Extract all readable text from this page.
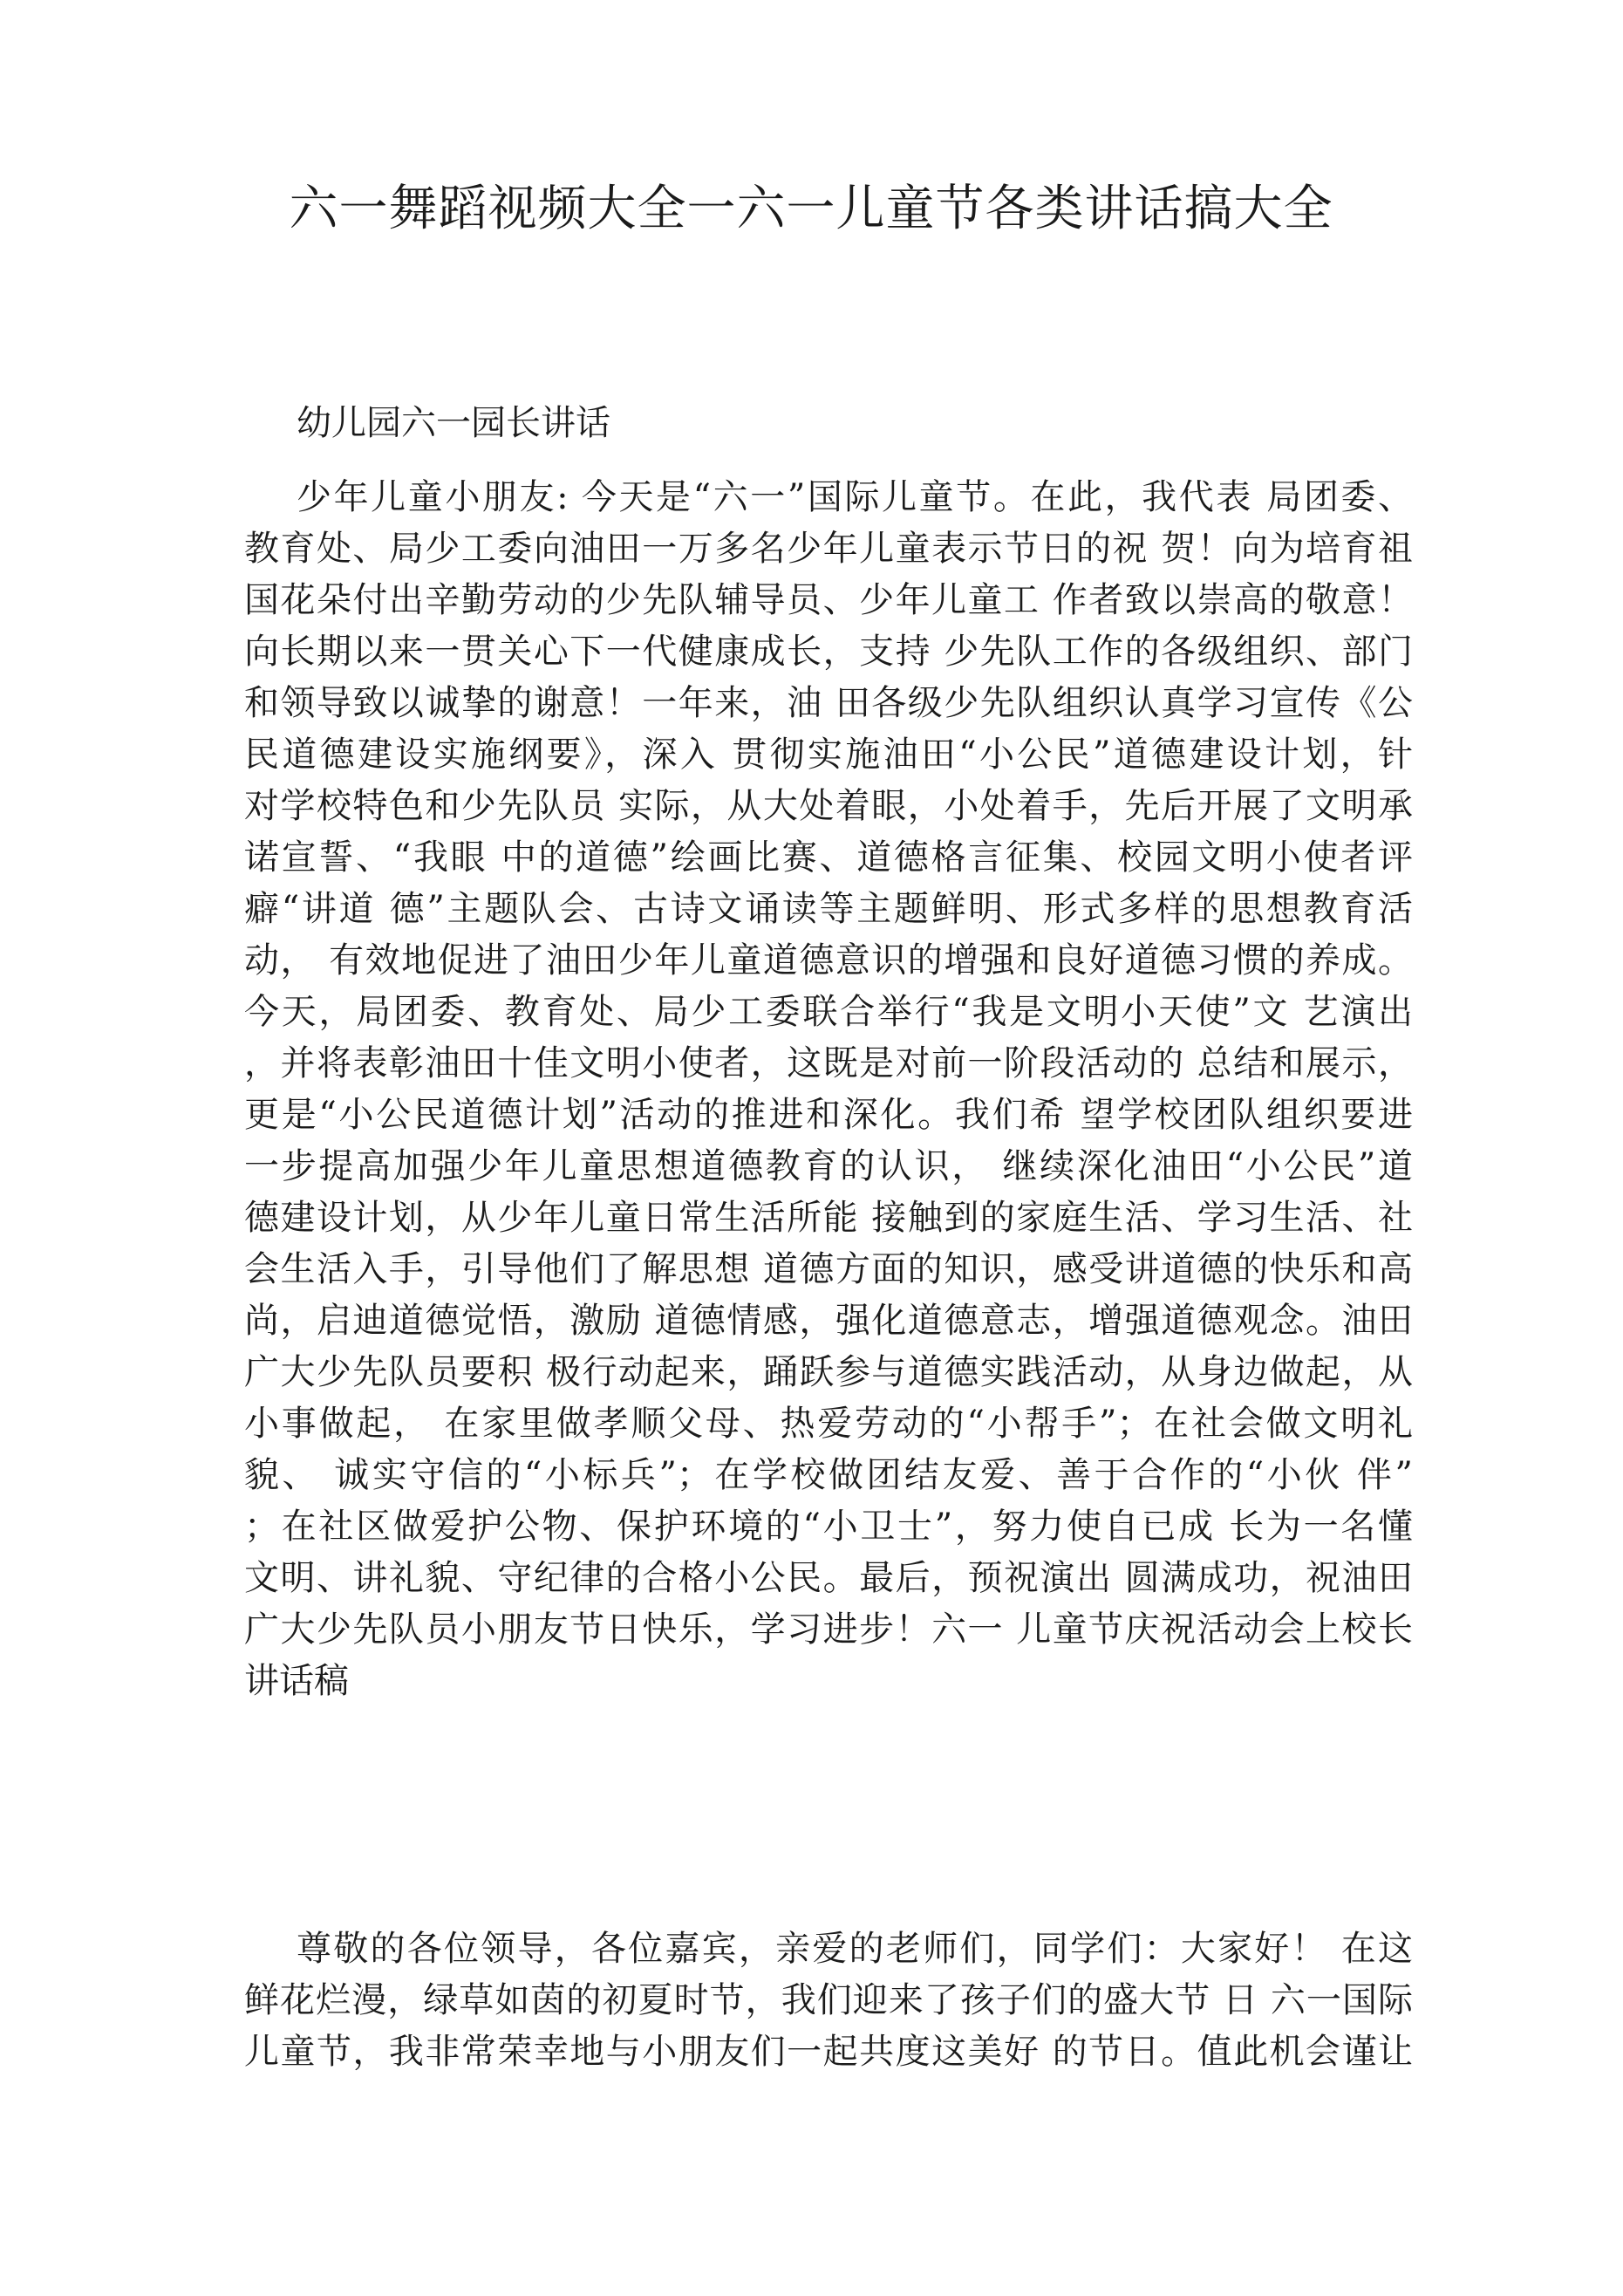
六一舞蹈视频大全一六一儿童节各类讲话搞大全

幼儿园六一园长讲话

少年儿童小朋友: 今天是“六一”国际儿童节。在此，我代表 局团委、
教育处、局少工委向油田一万多名少年儿童表示节日的祝 贺！向为培育祖
国花朵付出辛勤劳动的少先队辅导员、少年儿童工 作者致以崇高的敬意！
向长期以来一贯关心下一代健康成长，支持 少先队工作的各级组织、部门
和领导致以诚挚的谢意！一年来，油 田各级少先队组织认真学习宣传《公
民道德建设实施纲要》，深入 贯彻实施油田“小公民”道德建设计划，针
对学校特色和少先队员 实际，从大处着眼，小处着手，先后开展了文明承
诺宣誓、“我眼 中的道德”绘画比赛、道德格言征集、校园文明小使者评
癖“讲道 德”主题队会、古诗文诵读等主题鲜明、形式多样的思想教育活
动， 有效地促进了油田少年儿童道德意识的增强和良好道德习惯的养成。
今天，局团委、教育处、局少工委联合举行“我是文明小天使”文 艺演出
，并将表彰油田十佳文明小使者，这既是对前一阶段活动的 总结和展示，
更是“小公民道德计划”活动的推进和深化。我们希 望学校团队组织要进
一步提高加强少年儿童思想道德教育的认识， 继续深化油田“小公民”道
德建设计划，从少年儿童日常生活所能 接触到的家庭生活、学习生活、社
会生活入手，引导他们了解思想 道德方面的知识，感受讲道德的快乐和高
尚，启迪道德觉悟，激励 道德情感，强化道德意志，增强道德观念。油田
广大少先队员要积 极行动起来，踊跃参与道德实践活动，从身边做起，从
小事做起， 在家里做孝顺父母、热爱劳动的“小帮手”；在社会做文明礼
貌、 诚实守信的“小标兵”；在学校做团结友爱、善于合作的“小伙 伴”
；在社区做爱护公物、保护环境的“小卫士”，努力使自已成 长为一名懂
文明、讲礼貌、守纪律的合格小公民。最后，预祝演出 圆满成功，祝油田
广大少先队员小朋友节日快乐，学习进步！六一 儿童节庆祝活动会上校长
讲话稿
尊敬的各位领导，各位嘉宾，亲爱的老师们，同学们：大家好！ 在这
鲜花烂漫，绿草如茵的初夏时节，我们迎来了孩子们的盛大节 日 六一国际
儿童节，我非常荣幸地与小朋友们一起共度这美好 的节日。值此机会谨让
